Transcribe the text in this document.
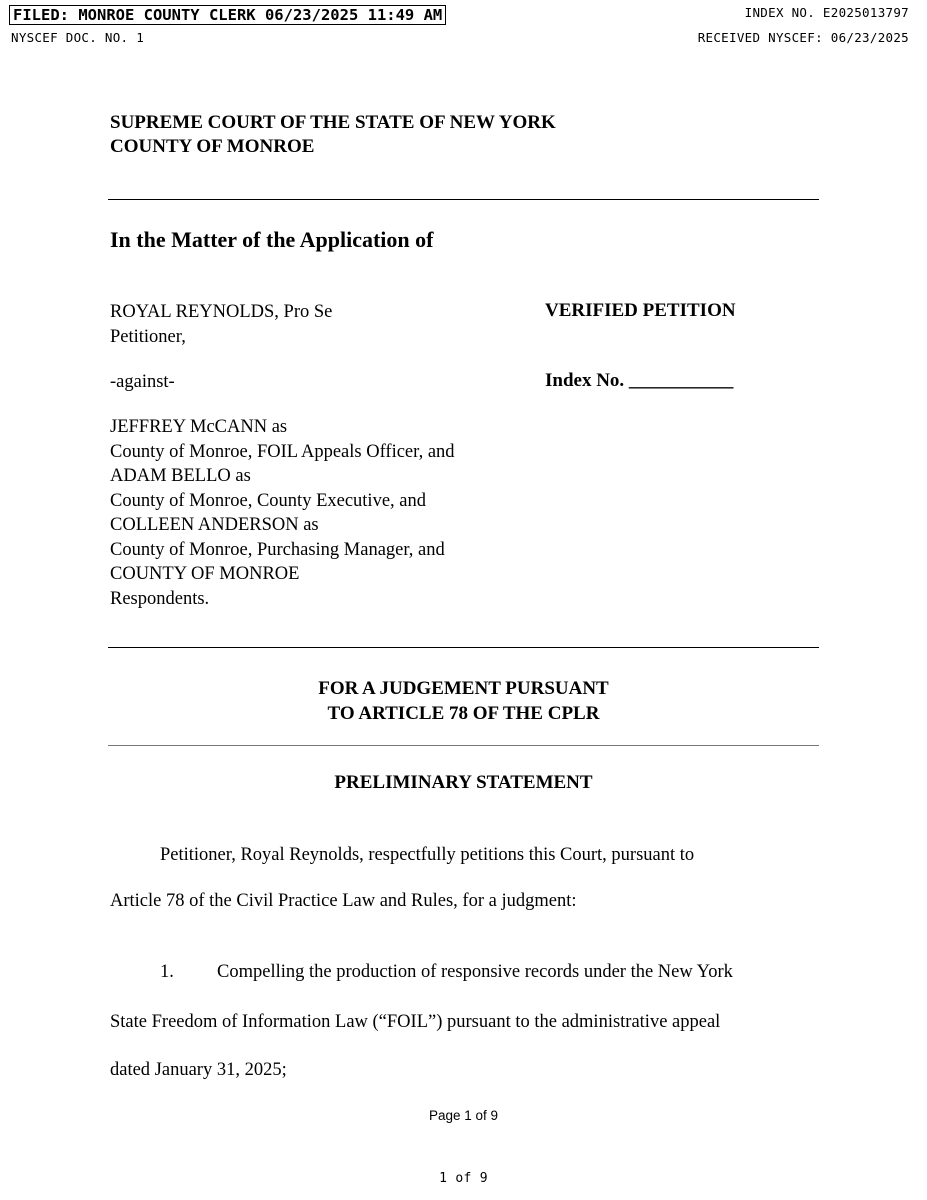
FILED: MONROE COUNTY CLERK 06/23/2025 11:49 AM	INDEX NO. E2025013797
NYSCEF DOC. NO. 1	RECEIVED NYSCEF: 06/23/2025
SUPREME COURT OF THE STATE OF NEW YORK
COUNTY OF MONROE
In the Matter of the Application of
ROYAL REYNOLDS, Pro Se
Petitioner,
-against-
JEFFREY McCANN as
County of Monroe, FOIL Appeals Officer, and
ADAM BELLO as
County of Monroe, County Executive, and
COLLEEN ANDERSON as
County of Monroe, Purchasing Manager, and
COUNTY OF MONROE
Respondents.
VERIFIED PETITION
Index No. ___________
FOR A JUDGEMENT PURSUANT
TO ARTICLE 78 OF THE CPLR
PRELIMINARY STATEMENT
Petitioner, Royal Reynolds, respectfully petitions this Court, pursuant to
Article 78 of the Civil Practice Law and Rules, for a judgment:
1. Compelling the production of responsive records under the New York
State Freedom of Information Law (“FOIL”) pursuant to the administrative appeal
dated January 31, 2025;
Page 1 of 9
1 of 9
